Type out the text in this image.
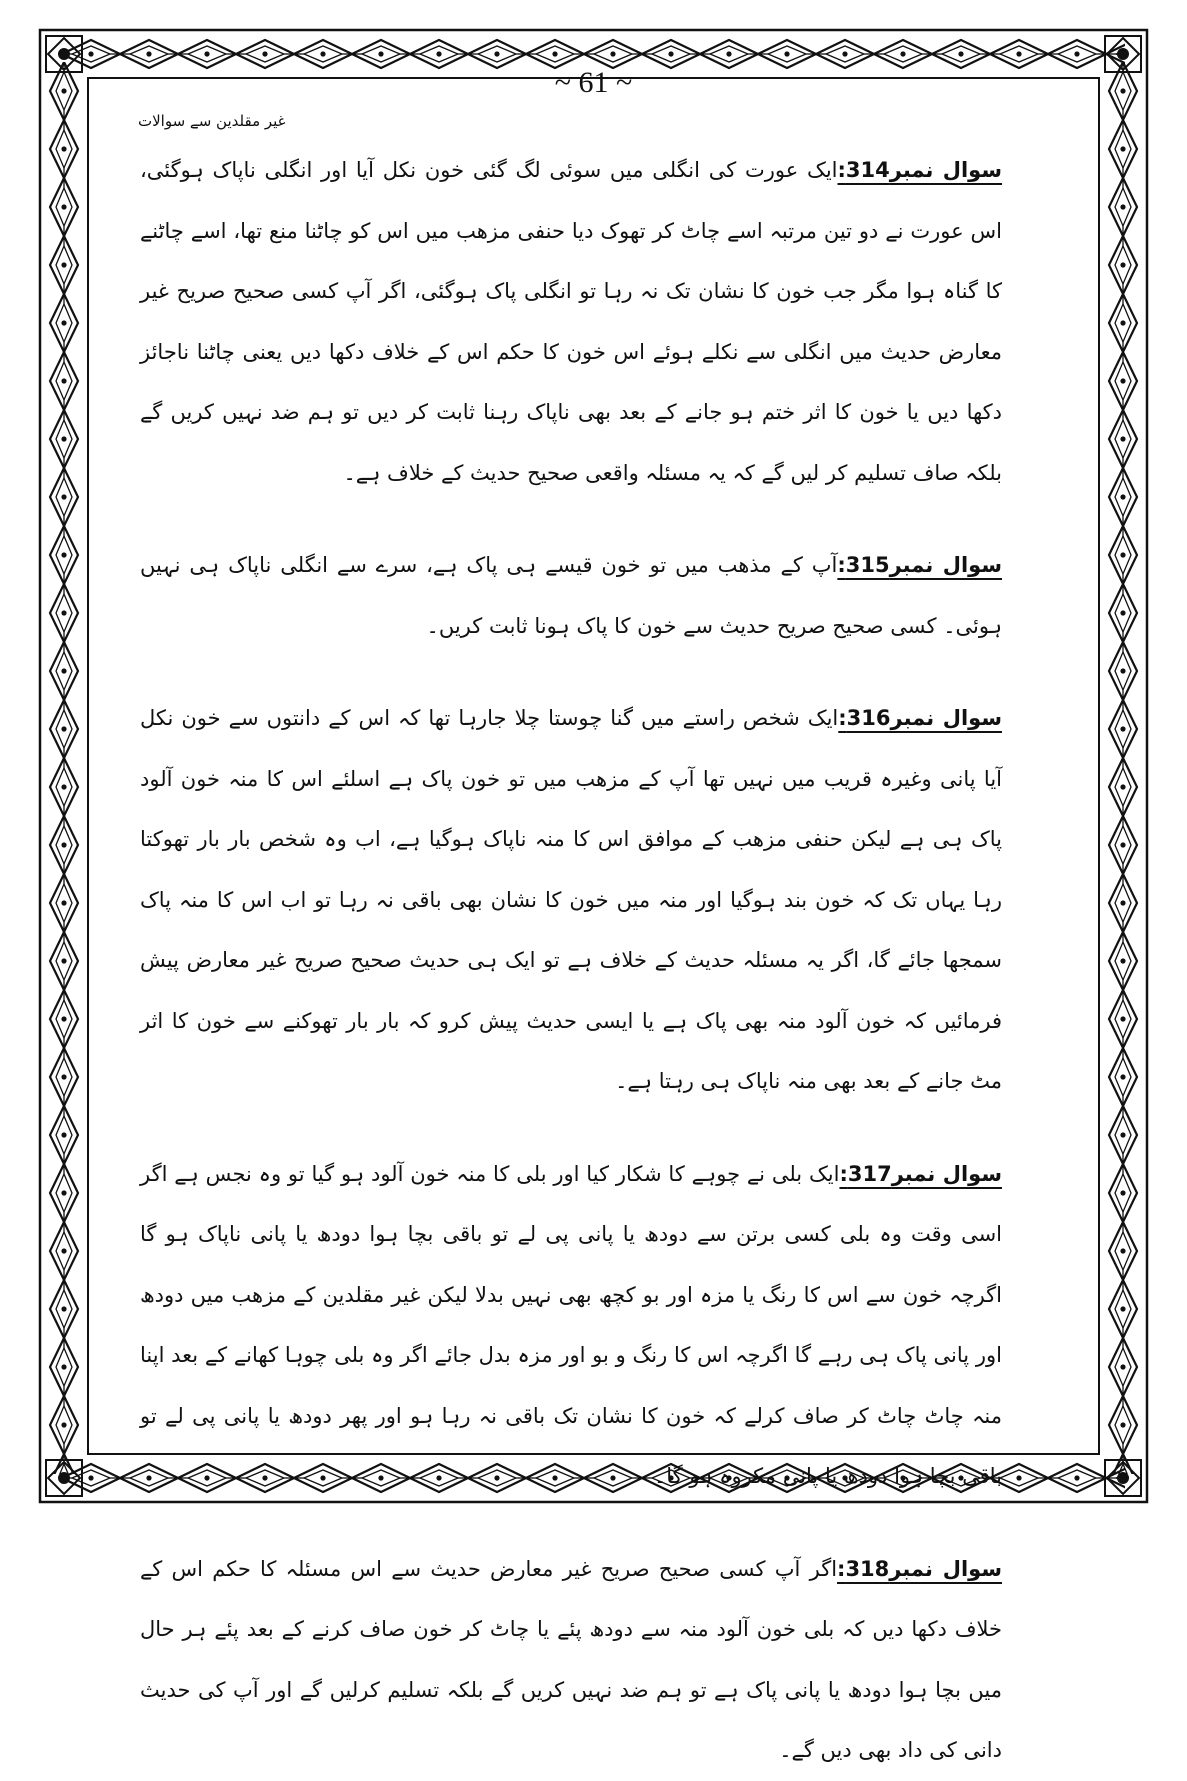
~ 61 ~
غیر مقلدین سے سوالات

سوال نمبر314:ایک عورت کی انگلی میں سوئی لگ گئی خون نکل آیا اور انگلی ناپاک ہوگئی، اس عورت نے دو تین مرتبہ اسے چاٹ کر تھوک دیا حنفی مزھب میں اس کو چاٹنا منع تھا، اسے چاٹنے کا گناہ ہوا مگر جب خون کا نشان تک نہ رہا تو انگلی پاک ہوگئی، اگر آپ کسی صحیح صریح غیر معارض حدیث میں انگلی سے نکلے ہوئے اس خون کا حکم اس کے خلاف دکھا دیں یعنی چاٹنا ناجائز دکھا دیں یا خون کا اثر ختم ہو جانے کے بعد بھی ناپاک رہنا ثابت کر دیں تو ہم ضد نہیں کریں گے بلکہ صاف تسلیم کر لیں گے کہ یہ مسئلہ واقعی صحیح حدیث کے خلاف ہے۔

سوال نمبر315:آپ کے مذھب میں تو خون قیسے ہی پاک ہے، سرے سے انگلی ناپاک ہی نہیں ہوئی۔ کسی صحیح صریح حدیث سے خون کا پاک ہونا ثابت کریں۔

سوال نمبر316:ایک شخص راستے میں گنا چوستا چلا جارہا تھا کہ اس کے دانتوں سے خون نکل آیا پانی وغیرہ قریب میں نہیں تھا آپ کے مزھب میں تو خون پاک ہے اسلئے اس کا منہ خون آلود پاک ہی ہے لیکن حنفی مزھب کے موافق اس کا منہ ناپاک ہوگیا ہے، اب وہ شخص بار بار تھوکتا رہا یہاں تک کہ خون بند ہوگیا اور منہ میں خون کا نشان بھی باقی نہ رہا تو اب اس کا منہ پاک سمجھا جائے گا، اگر یہ مسئلہ حدیث کے خلاف ہے تو ایک ہی حدیث صحیح صریح غیر معارض پیش فرمائیں کہ خون آلود منہ بھی پاک ہے یا ایسی حدیث پیش کرو کہ بار بار تھوکنے سے خون کا اثر مٹ جانے کے بعد بھی منہ ناپاک ہی رہتا ہے۔

سوال نمبر317:ایک بلی نے چوہے کا شکار کیا اور بلی کا منہ خون آلود ہو گیا تو وہ نجس ہے اگر اسی وقت وہ بلی کسی برتن سے دودھ یا پانی پی لے تو باقی بچا ہوا دودھ یا پانی ناپاک ہو گا اگرچہ خون سے اس کا رنگ یا مزہ اور بو کچھ بھی نہیں بدلا لیکن غیر مقلدین کے مزھب میں دودھ اور پانی پاک ہی رہے گا اگرچہ اس کا رنگ و بو اور مزہ بدل جائے اگر وہ بلی چوہا کھانے کے بعد اپنا منہ چاٹ چاٹ کر صاف کرلے کہ خون کا نشان تک باقی نہ رہا ہو اور پھر دودھ یا پانی پی لے تو باقی بچا ہوا دودھ یا پانی مکروہ ہو گا۔

سوال نمبر318:اگر آپ کسی صحیح صریح غیر معارض حدیث سے اس مسئلہ کا حکم اس کے خلاف دکھا دیں کہ بلی خون آلود منہ سے دودھ پئے یا چاٹ کر خون صاف کرنے کے بعد پئے ہر حال میں بچا ہوا دودھ یا پانی پاک ہے تو ہم ضد نہیں کریں گے بلکہ تسلیم کرلیں گے اور آپ کی حدیث دانی کی داد بھی دیں گے۔
